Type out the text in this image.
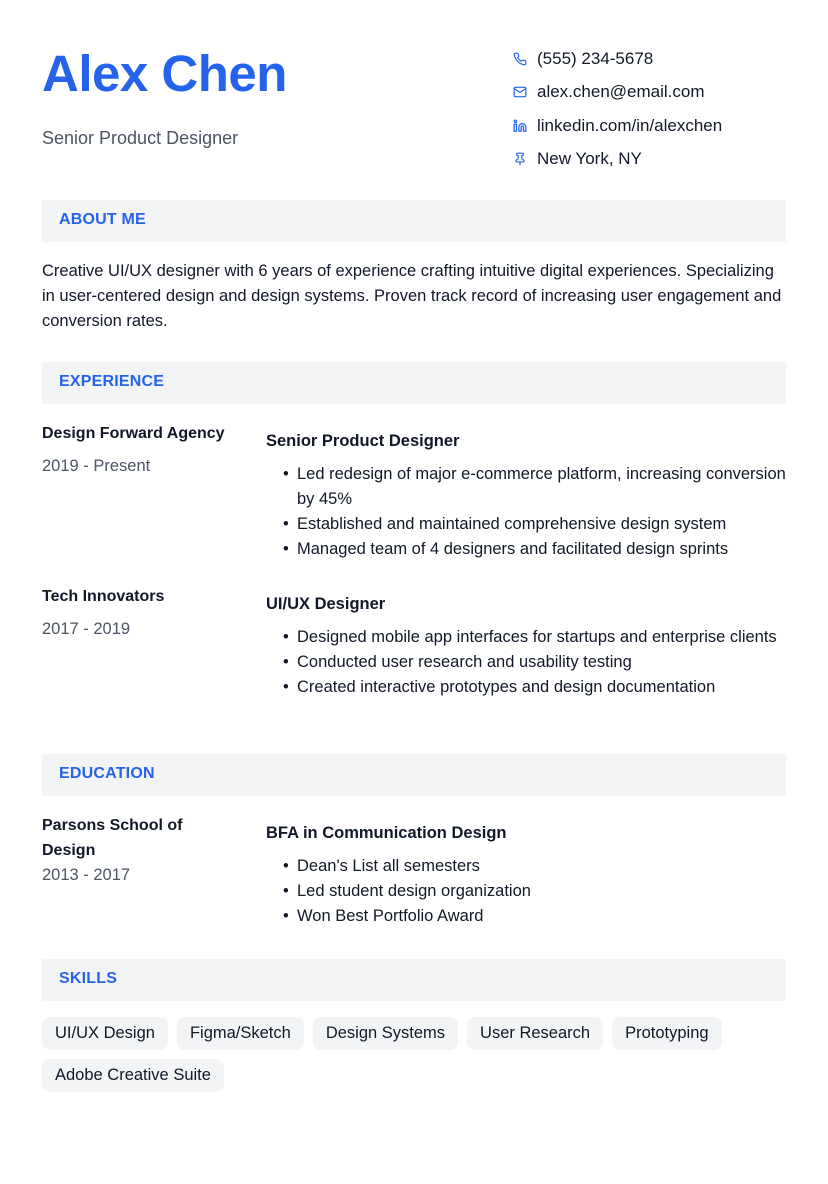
Alex Chen
Senior Product Designer
(555) 234-5678
alex.chen@email.com
linkedin.com/in/alexchen
New York, NY
ABOUT ME
Creative UI/UX designer with 6 years of experience crafting intuitive digital experiences. Specializing in user-centered design and design systems. Proven track record of increasing user engagement and conversion rates.
EXPERIENCE
Design Forward Agency
2019 - Present
Senior Product Designer
• Led redesign of major e-commerce platform, increasing conversion by 45%
• Established and maintained comprehensive design system
• Managed team of 4 designers and facilitated design sprints
Tech Innovators
2017 - 2019
UI/UX Designer
• Designed mobile app interfaces for startups and enterprise clients
• Conducted user research and usability testing
• Created interactive prototypes and design documentation
EDUCATION
Parsons School of Design
2013 - 2017
BFA in Communication Design
• Dean's List all semesters
• Led student design organization
• Won Best Portfolio Award
SKILLS
UI/UX Design	Figma/Sketch	Design Systems	User Research	Prototyping
Adobe Creative Suite
